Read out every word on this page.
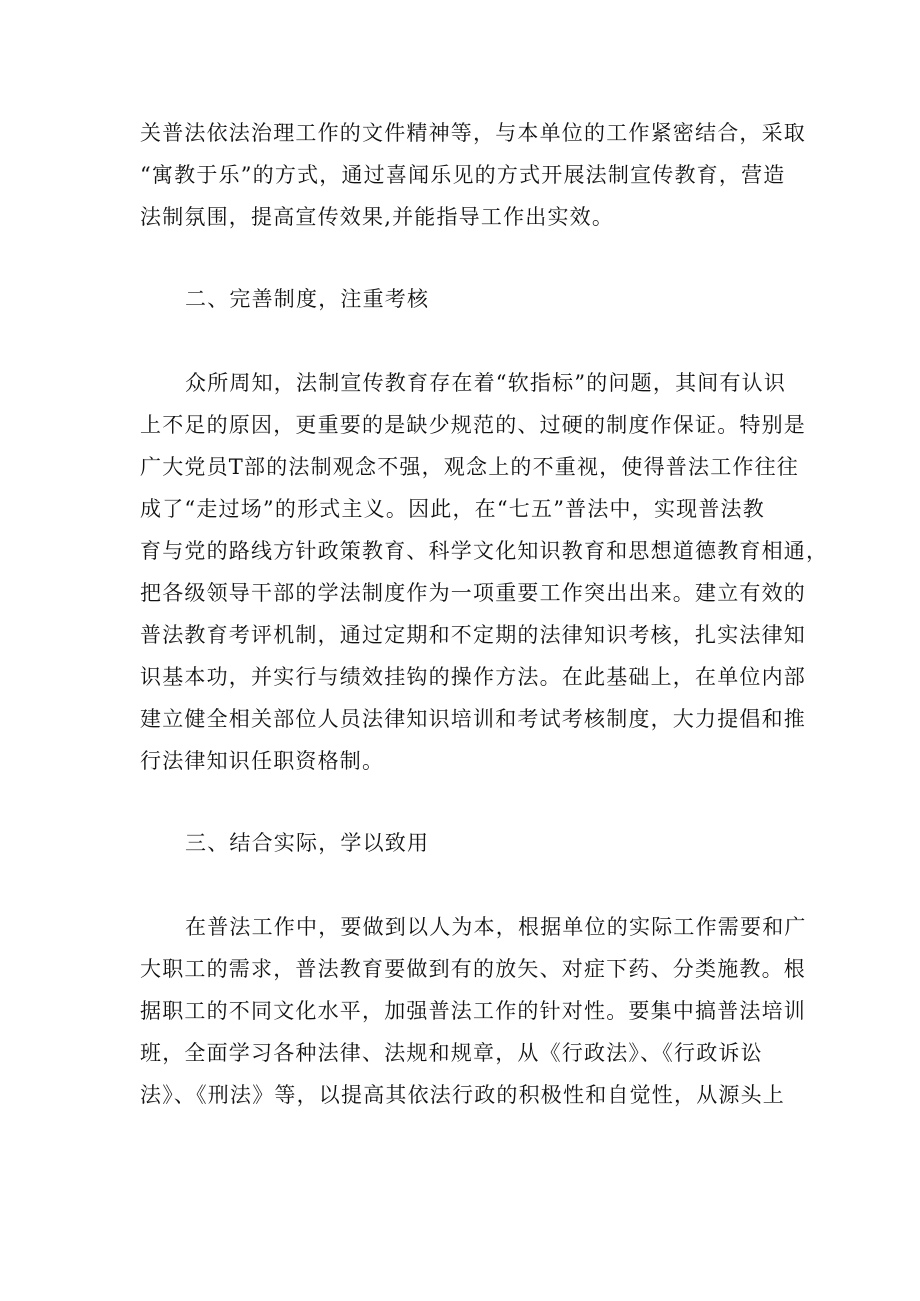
关普法依法治理工作的文件精神等，与本单位的工作紧密结合，采取
“寓教于乐”的方式，通过喜闻乐见的方式开展法制宣传教育，营造
法制氛围，提高宣传效果,并能指导工作出实效。
二、完善制度，注重考核
众所周知，法制宣传教育存在着“软指标”的问题，其间有认识
上不足的原因，更重要的是缺少规范的、过硬的制度作保证。特别是
广大党员T部的法制观念不强，观念上的不重视，使得普法工作往往
成了“走过场”的形式主义。因此，在“七五”普法中，实现普法教
育与党的路线方针政策教育、科学文化知识教育和思想道德教育相通，
把各级领导干部的学法制度作为一项重要工作突出出来。建立有效的
普法教育考评机制，通过定期和不定期的法律知识考核，扎实法律知
识基本功，并实行与绩效挂钩的操作方法。在此基础上，在单位内部
建立健全相关部位人员法律知识培训和考试考核制度，大力提倡和推
行法律知识任职资格制。
三、结合实际，学以致用
在普法工作中，要做到以人为本，根据单位的实际工作需要和广
大职工的需求，普法教育要做到有的放矢、对症下药、分类施教。根
据职工的不同文化水平，加强普法工作的针对性。要集中搞普法培训
班，全面学习各种法律、法规和规章，从《行政法》、《行政诉讼
法》、《刑法》等，以提高其依法行政的积极性和自觉性，从源头上
